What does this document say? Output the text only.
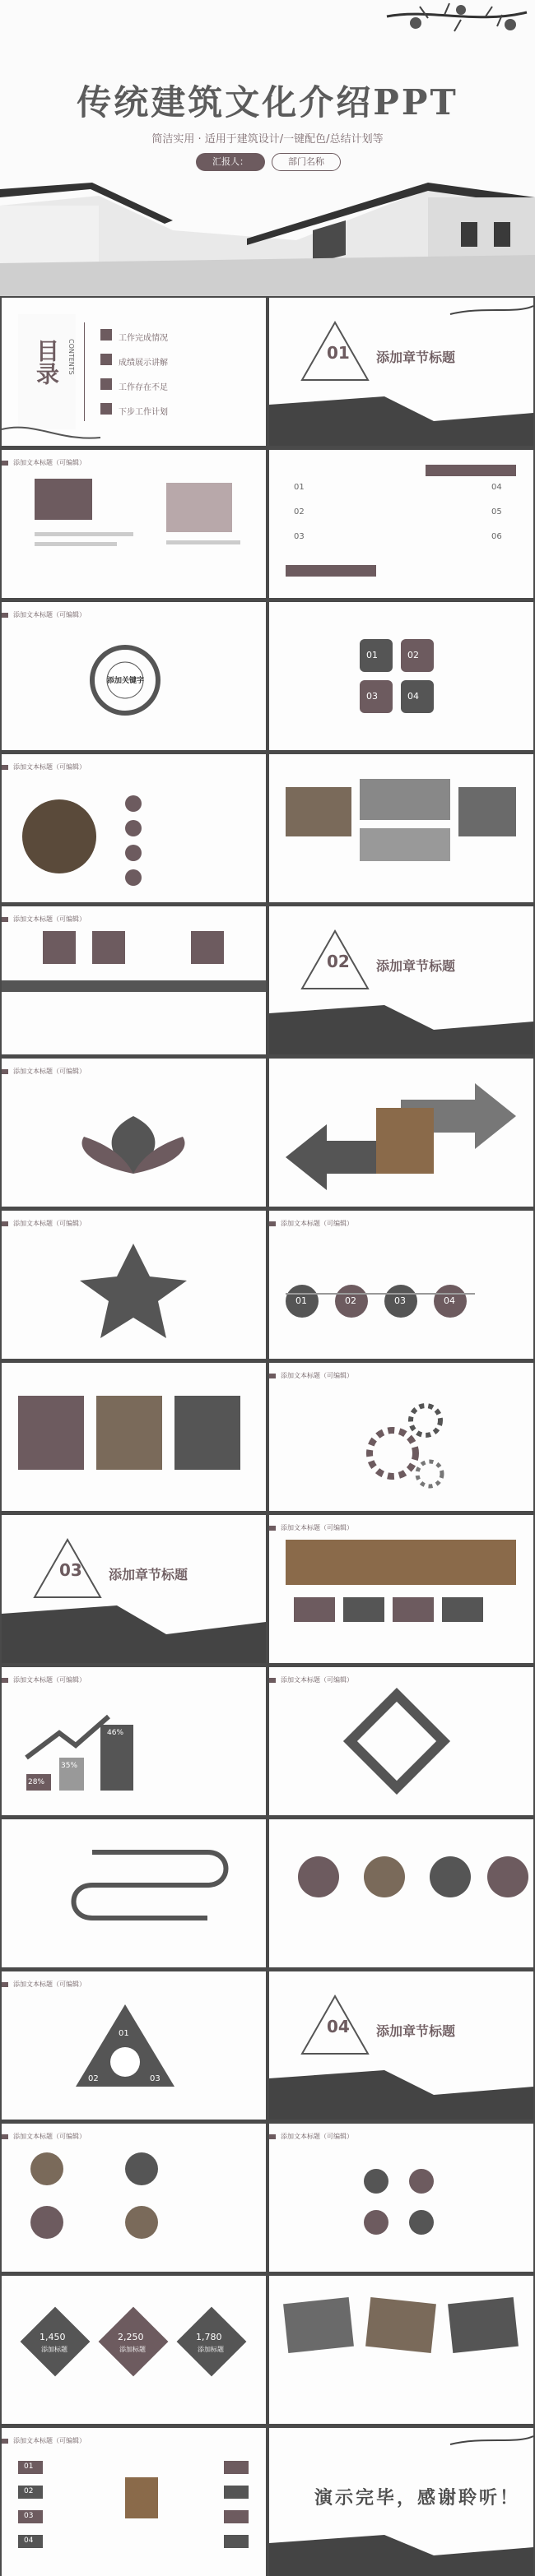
传统建筑文化介绍PPT
简洁实用 · 适用于建筑设计/一键配色/总结计划等
汇报人：	部门名称
目录	CONTENTS
工作完成情况
成绩展示讲解
工作存在不足
下步工作计划
01 添加章节标题
添加文本标题（可编辑）
01
02
03
04
05
06
添加文本标题（可编辑）
添加关键字
01	02
03	04
添加文本标题（可编辑）
添加文本标题（可编辑）
02 添加章节标题
添加文本标题（可编辑）
添加文本标题（可编辑）	添加文本标题（可编辑）
01	02	03	04
添加文本标题（可编辑）
03 添加章节标题
添加文本标题（可编辑）
添加文本标题（可编辑）
28%
35%
46%
添加文本标题（可编辑）
添加文本标题（可编辑）
01
02	03
04 添加章节标题
添加文本标题（可编辑）	添加文本标题（可编辑）
1,450	2,250	1,780
添加标题	添加标题	添加标题
添加文本标题（可编辑）
01
02
03
04
演示完毕，感谢聆听！
